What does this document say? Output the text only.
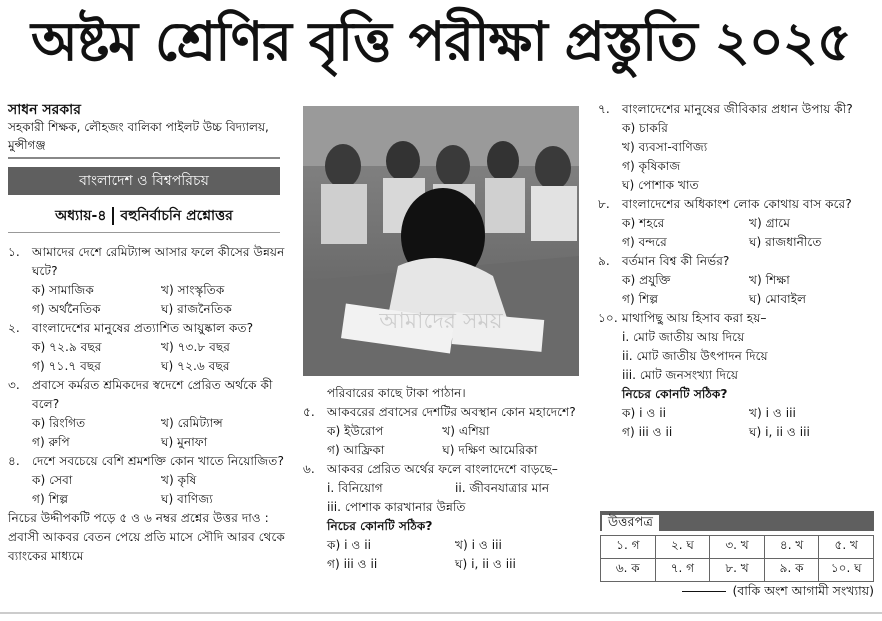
অষ্টম শ্রেণির বৃত্তি পরীক্ষা প্রস্তুতি ২০২৫
সাধন সরকার
সহকারী শিক্ষক, লৌহজং বালিকা পাইলট উচ্চ বিদ্যালয়, মুন্সীগঞ্জ
বাংলাদেশ ও বিশ্বপরিচয়
অধ্যায়-৪ বহুনির্বাচনি প্রশ্নোত্তর
আমাদের সময়
১.	আমাদের দেশে রেমিট্যান্স আসার ফলে কীসের উন্নয়ন ঘটে?
ক) সামাজিক	খ) সাংস্কৃতিক
গ) অর্থনৈতিক	ঘ) রাজনৈতিক
২. বাংলাদেশের মানুষের প্রত্যাশিত আয়ুষ্কাল কত?
ক) ৭২.৯ বছর	খ) ৭৩.৮ বছর
গ) ৭১.৭ বছর	ঘ) ৭২.৬ বছর
৩. প্রবাসে কর্মরত শ্রমিকদের স্বদেশে প্রেরিত অর্থকে কী বলে?
ক) রিংগিত	খ) রেমিট্যান্স
গ) রুপি	ঘ) মুনাফা
৪.	দেশে সবচেয়ে বেশি শ্রমশক্তি কোন খাতে নিয়োজিত?
ক) সেবা	খ) কৃষি
গ) শিল্প	ঘ) বাণিজ্য

নিচের উদ্দীপকটি পড়ে ৫ ও ৬ নম্বর প্রশ্নের উত্তর দাও :

প্রবাসী আকবর বেতন পেয়ে প্রতি মাসে সৌদি আরব থেকে ব্যাংকের মাধ্যমে

পরিবারের কাছে টাকা পাঠান।

৫.	আকবরের প্রবাসের দেশটির অবস্থান কোন মহাদেশে?
ক) ইউরোপ	খ) এশিয়া
গ) আফ্রিকা	ঘ) দক্ষিণ আমেরিকা
৬. আকবর প্রেরিত অর্থের ফলে বাংলাদেশে বাড়ছে–
i. বিনিয়োগ	ii. জীবনযাত্রার মান

iii. পোশাক কারখানার উন্নতি

নিচের কোনটি সঠিক?

ক) i ও ii	খ) i ও iii
গ) iii ও ii	ঘ) i, ii ও iii
৭. বাংলাদেশের মানুষের জীবিকার প্রধান উপায় কী?

ক) চাকরি

খ) ব্যবসা-বাণিজ্য

গ) কৃষিকাজ

ঘ) পোশাক খাত

৮.	বাংলাদেশের অধিকাংশ লোক কোথায় বাস করে?
ক) শহরে	খ) গ্রামে
গ) বন্দরে	ঘ) রাজধানীতে
৯.	বর্তমান বিশ্ব কী নির্ভর?
ক) প্রযুক্তি	খ) শিক্ষা
গ) শিল্প	ঘ) মোবাইল
১০. মাথাপিছু আয় হিসাব করা হয়–

i. মোট জাতীয় আয় দিয়ে

ii. মোট জাতীয় উৎপাদন দিয়ে

iii. মোট জনসংখ্যা দিয়ে

নিচের কোনটি সঠিক?

ক) i ও ii	খ) i ও iii
গ) iii ও ii	ঘ) i, ii ও iii
উত্তরপত্র
১. গ	২. ঘ	৩. খ	৪. খ	৫. খ
৬. ক	৭. গ	৮. খ	৯. ক	১০. ঘ
(বাকি অংশ আগামী সংখ্যায়)
